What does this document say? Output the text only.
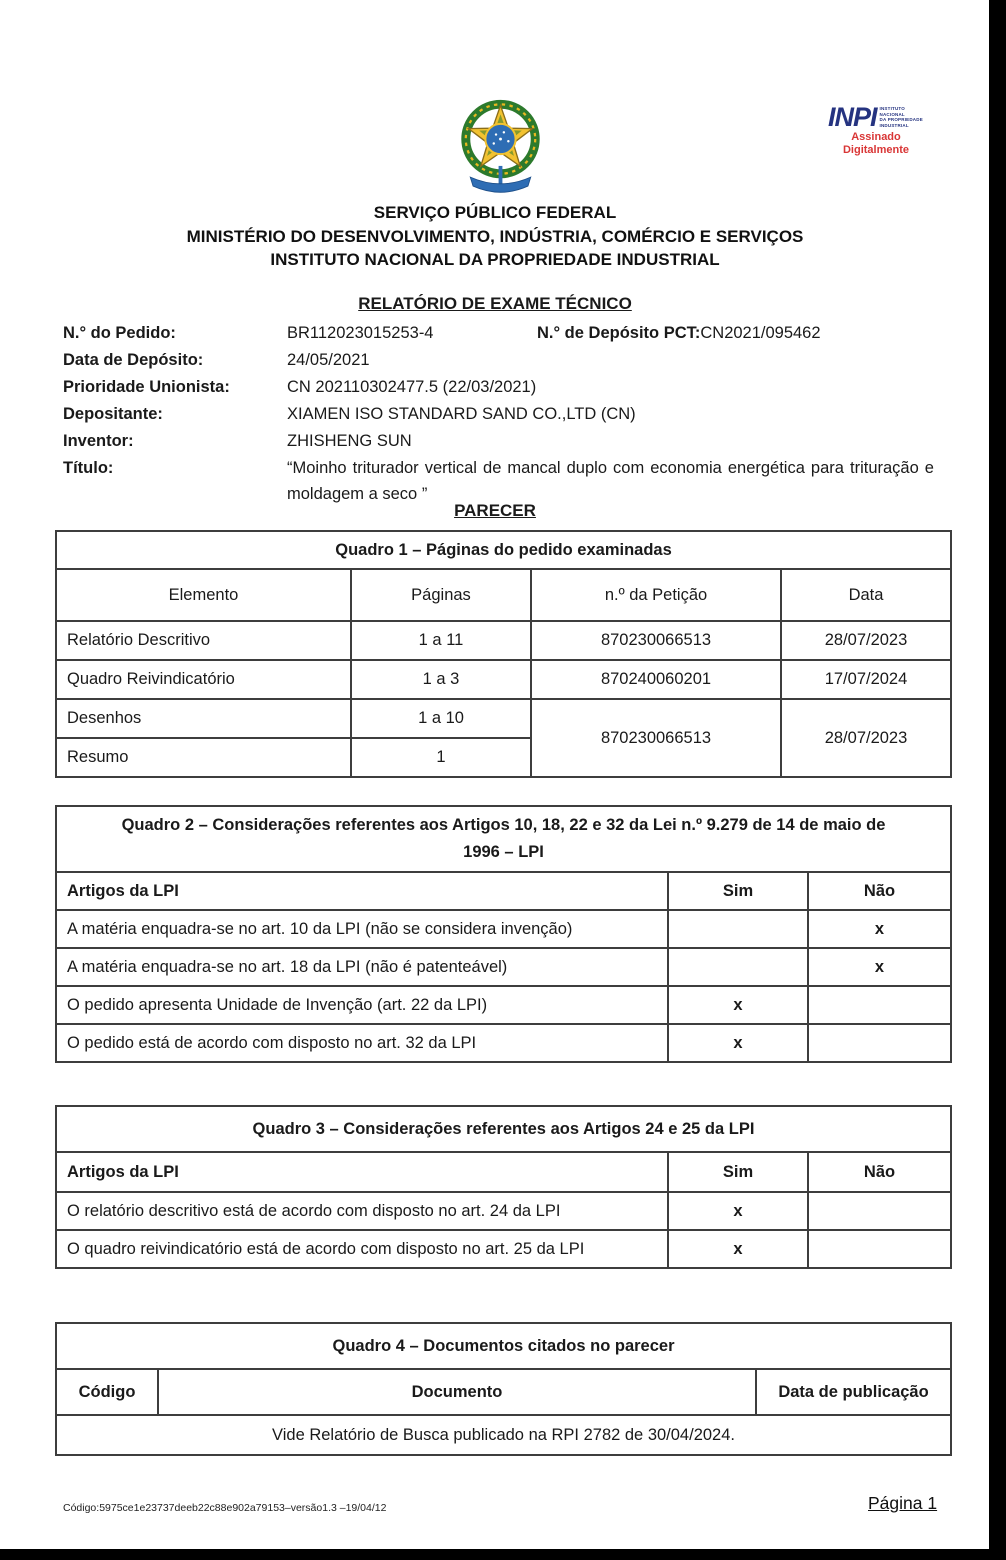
INPI INSTITUTO
NACIONAL
DA PROPRIEDADE
INDUSTRIAL
Assinado
Digitalmente
SERVIÇO PÚBLICO FEDERAL
MINISTÉRIO DO DESENVOLVIMENTO, INDÚSTRIA, COMÉRCIO E SERVIÇOS
INSTITUTO NACIONAL DA PROPRIEDADE INDUSTRIAL
RELATÓRIO DE EXAME TÉCNICO
N.° do Pedido:	BR112023015253-4	N.° de Depósito PCT: CN2021/095462
Data de Depósito:	24/05/2021
Prioridade Unionista:	CN 202110302477.5 (22/03/2021)
Depositante:	XIAMEN ISO STANDARD SAND CO.,LTD (CN)
Inventor:	ZHISHENG SUN
Título:	“Moinho triturador vertical de mancal duplo com economia energética para trituração e moldagem a seco ”
PARECER
Quadro 1 – Páginas do pedido examinadas			
Elemento	Páginas	n.º da Petição	Data
Relatório Descritivo	1 a 11	870230066513	28/07/2023
Quadro Reivindicatório	1 a 3	870240060201	17/07/2024
Desenhos	1 a 10	870230066513	28/07/2023
Resumo	1		
Quadro 2 – Considerações referentes aos Artigos 10, 18, 22 e 32 da Lei n.º 9.279 de 14 de maio de 1996 – LPI		
Artigos da LPI	Sim	Não
A matéria enquadra-se no art. 10 da LPI (não se considera invenção)		x
A matéria enquadra-se no art. 18 da LPI (não é patenteável)		x
O pedido apresenta Unidade de Invenção (art. 22 da LPI)	x	
O pedido está de acordo com disposto no art. 32 da LPI	x	
Quadro 3 – Considerações referentes aos Artigos 24 e 25 da LPI		
Artigos da LPI	Sim	Não
O relatório descritivo está de acordo com disposto no art. 24 da LPI	x	
O quadro reivindicatório está de acordo com disposto no art. 25 da LPI	x	
Quadro 4 – Documentos citados no parecer
Código	Documento	Data de publicação
Vide Relatório de Busca publicado na RPI 2782 de 30/04/2024.
Código:5975ce1e23737deeb22c88e902a79153–versão1.3 –19/04/12	Página 1
